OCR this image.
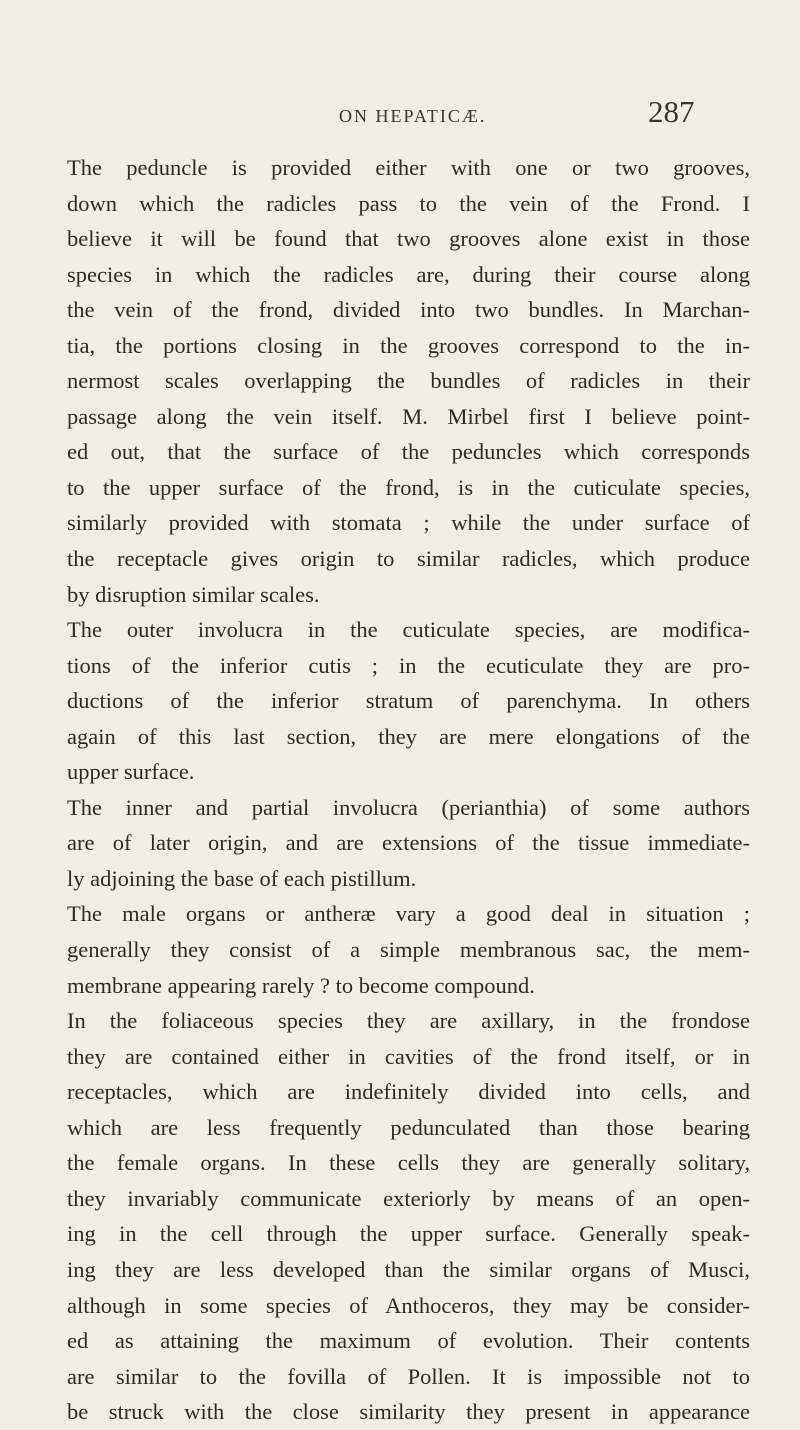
ON HEPATICÆ.	287
The peduncle is provided either with one or two grooves,
down which the radicles pass to the vein of the Frond. I
believe it will be found that two grooves alone exist in those
species in which the radicles are, during their course along
the vein of the frond, divided into two bundles. In Marchan-
tia, the portions closing in the grooves correspond to the in-
nermost scales overlapping the bundles of radicles in their
passage along the vein itself. M. Mirbel first I believe point-
ed out, that the surface of the peduncles which corresponds
to the upper surface of the frond, is in the cuticulate species,
similarly provided with stomata ; while the under surface of
the receptacle gives origin to similar radicles, which produce
by disruption similar scales.
The outer involucra in the cuticulate species, are modifica-
tions of the inferior cutis ; in the ecuticulate they are pro-
ductions of the inferior stratum of parenchyma. In others
again of this last section, they are mere elongations of the
upper surface.
The inner and partial involucra (perianthia) of some authors
are of later origin, and are extensions of the tissue immediate-
ly adjoining the base of each pistillum.
The male organs or antheræ vary a good deal in situation ;
generally they consist of a simple membranous sac, the mem-
membrane appearing rarely ? to become compound.
In the foliaceous species they are axillary, in the frondose
they are contained either in cavities of the frond itself, or in
receptacles, which are indefinitely divided into cells, and
which are less frequently pedunculated than those bearing
the female organs. In these cells they are generally solitary,
they invariably communicate exteriorly by means of an open-
ing in the cell through the upper surface. Generally speak-
ing they are less developed than the similar organs of Musci,
although in some species of Anthoceros, they may be consider-
ed as attaining the maximum of evolution. Their contents
are similar to the fovilla of Pollen. It is impossible not to
be struck with the close similarity they present in appearance
